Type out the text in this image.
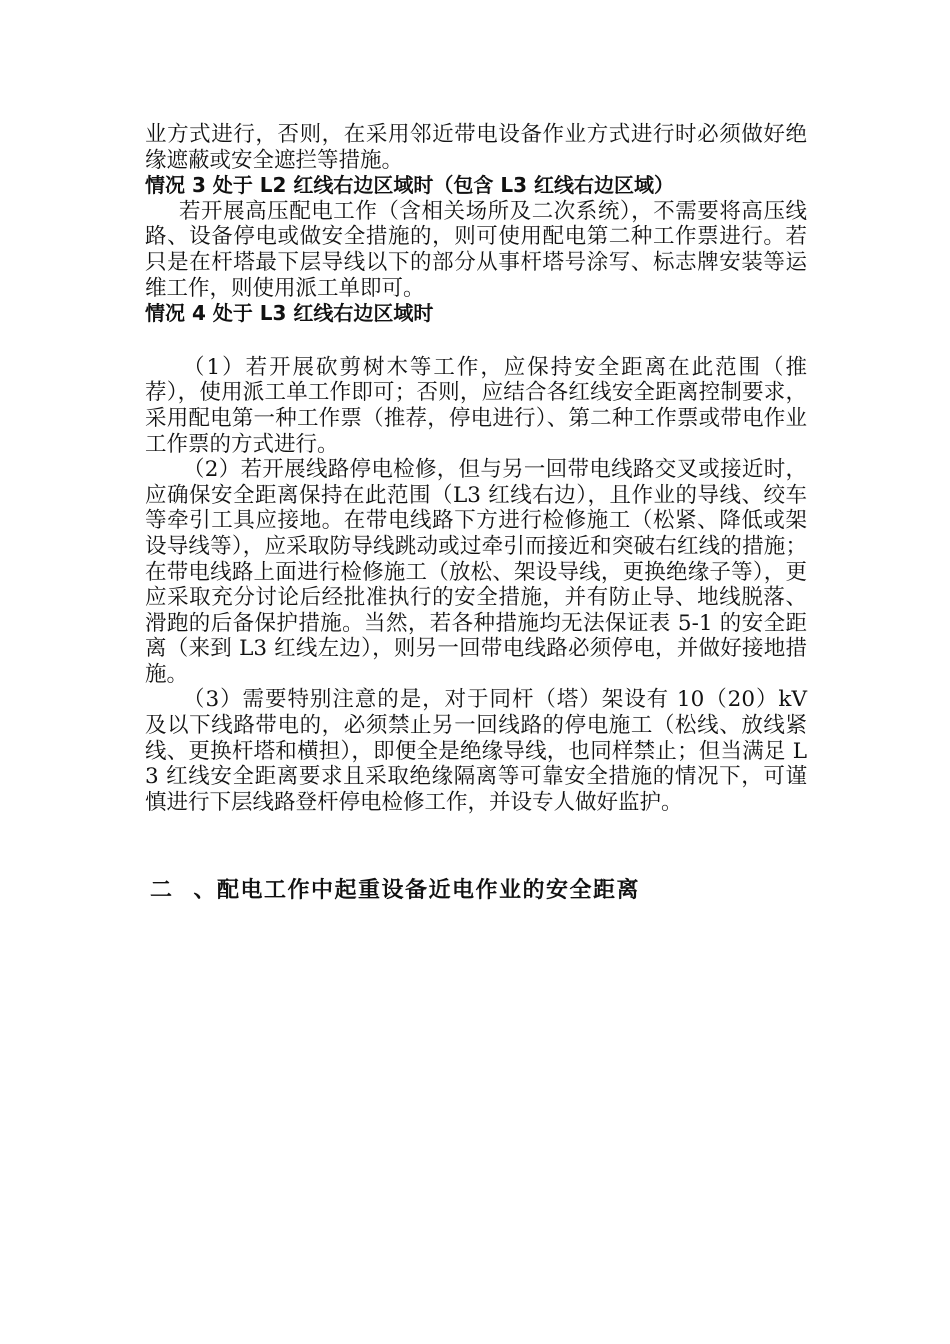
业方式进行，否则，在采用邻近带电设备作业方式进行时必须做好绝缘遮蔽或安全遮拦等措施。

情况 3 处于 L2 红线右边区域时（包含 L3 红线右边区域）

若开展高压配电工作（含相关场所及二次系统），不需要将高压线路、设备停电或做安全措施的，则可使用配电第二种工作票进行。若只是在杆塔最下层导线以下的部分从事杆塔号涂写、标志牌安装等运维工作，则使用派工单即可。

情况 4 处于 L3 红线右边区域时

（1）若开展砍剪树木等工作，应保持安全距离在此范围（推荐），使用派工单工作即可；否则，应结合各红线安全距离控制要求，采用配电第一种工作票（推荐，停电进行）、第二种工作票或带电作业工作票的方式进行。

（2）若开展线路停电检修，但与另一回带电线路交叉或接近时，应确保安全距离保持在此范围（L3 红线右边），且作业的导线、绞车等牵引工具应接地。在带电线路下方进行检修施工（松紧、降低或架设导线等），应采取防导线跳动或过牵引而接近和突破右红线的措施；在带电线路上面进行检修施工（放松、架设导线，更换绝缘子等），更应采取充分讨论后经批准执行的安全措施，并有防止导、地线脱落、滑跑的后备保护措施。当然，若各种措施均无法保证表 5-1 的安全距离（来到 L3 红线左边），则另一回带电线路必须停电，并做好接地措施。

（3）需要特别注意的是，对于同杆（塔）架设有 10（20）kV 及以下线路带电的，必须禁止另一回线路的停电施工（松线、放线紧线、更换杆塔和横担），即便全是绝缘导线，也同样禁止；但当满足 L3 红线安全距离要求且采取绝缘隔离等可靠安全措施的情况下，可谨慎进行下层线路登杆停电检修工作，并设专人做好监护。

二 、配电工作中起重设备近电作业的安全距离
